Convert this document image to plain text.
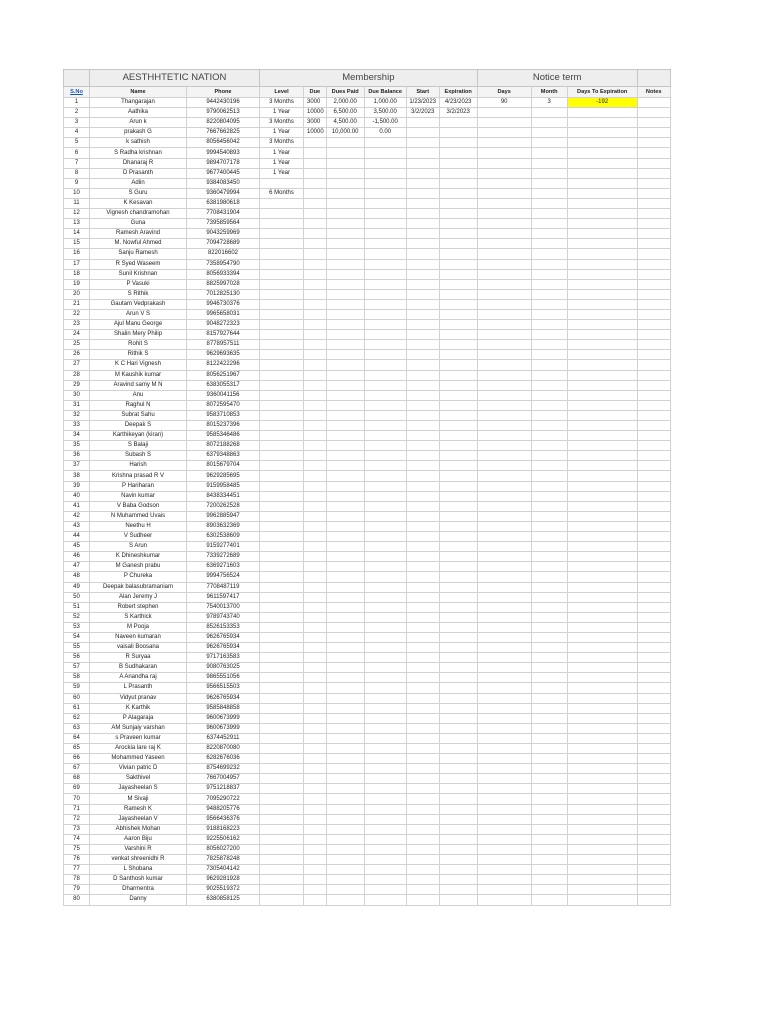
	AESTHHTETIC NATION		Membership						Notice term			
S.No	Name	Phone	Level	Due	Dues Paid	Due Balance	Start	Expiration	Days	Month	Days To Expiration	Notes
1	Thangarajan	9442430196	3 Months	3000	2,000.00	1,000.00	1/23/2023	4/23/2023	90	3	-192	
2	Aathika	9790062513	1 Year	10000	6,500.00	3,500.00	3/2/2023	3/2/2023				
3	Arun k	8220804095	3 Months	3000	4,500.00	-1,500.00						
4	prakash G	7667662825	1 Year	10000	10,000.00	0.00						
5	k sathish	8056456042	3 Months									
6	S Radha krishnan	9994540893	1 Year									
7	Dhanaraj R	9894707178	1 Year									
8	D Prasanth	9677400445	1 Year									
9	Adlin	9384083450										
10	S Guru	9360479994	6 Months									
11	K Kesavan	6381980618										
12	Vignesh chandramohan	7708431904										
13	Guna	7395859564										
14	Ramesh Aravind	9043259969										
15	M. Nowful Ahmed	7094728689										
16	Sanju Ramesh	822016602										
17	R Syed Waseem	7358954790										
18	Sunil Krishnan	8056933394										
19	P Vasuki	8825997028										
20	S Rithik	7012825130										
21	Gautam Vedprakash	9946730376										
22	Arun V S	9965658031										
23	Ajul Manu George	9048272323										
24	Shalin Mery Philip	8157927644										
25	Rohit S	8778957511										
26	Rithik S	9629693635										
27	K C Hari Vignesh	8122422296										
28	M Kaushik kumar	8056251967										
29	Aravind samy M N	6383055317										
30	Anu	9360041156										
31	Raghul N	8072595470										
32	Subrat Sahu	9583710853										
33	Deepak S	8015237396										
34	Karthikeyan (kiran)	9585346486										
35	S Balaji	8072188268										
36	Subash S	6379348863										
37	Harish	8015679704										
38	Krishna prasad R V	9629285695										
39	P Hariharan	9159958485										
40	Navin kumar	8438334451										
41	V Baba Godson	7200262528										
42	N Muhammed Uvais	9962885947										
43	Neethu H	8903632369										
44	V Sudheer	6302538609										
45	S Arun	9159277401										
46	K Dhineshkumar	7339272689										
47	M Ganesh prabu	6369271603										
48	P Chureka	9994756524										
49	Deepak balasubramaniam	7708487119										
50	Alan Jeremy J	9611597417										
51	Robert stephen	7540013700										
52	S Karthick	9789743740										
53	M Pooja	8526153353										
54	Naveen kumaran	9626765934										
55	vaisali Boosana	9626765934										
56	R Suryaa	9717163583										
57	B Sudhakaran	9080763025										
58	A Anandha raj	9865551056										
59	L Prasanth	9566515503										
60	Vidyut pranav	9626765934										
61	K Karthik	9585848858										
62	P Alagaraja	9600673999										
63	AM Sunjaiy varshan	9600673999										
64	s Praveen kumar	6374452911										
65	Arockia lare raj K	8220870080										
66	Mohammed Yaseen	6282676036										
67	Vivian patric D	8754699232										
68	Sakthivel	7667004957										
69	Jayasheelan S	9751218837										
70	M Sivaji	7095290722										
71	Ramesh K	9488205776										
72	Jayasheelan V	9566436376										
73	Abhishek Mohan	9188168223										
74	Aaron Biju	9225506162										
75	Varshini R	8056027200										
76	venkat shreenidhi R	7825878248										
77	L Shobana	7305404142										
78	D Santhosh kumar	9629281928										
79	Dharmentra	9025519372										
80	Danny	6380858125										
